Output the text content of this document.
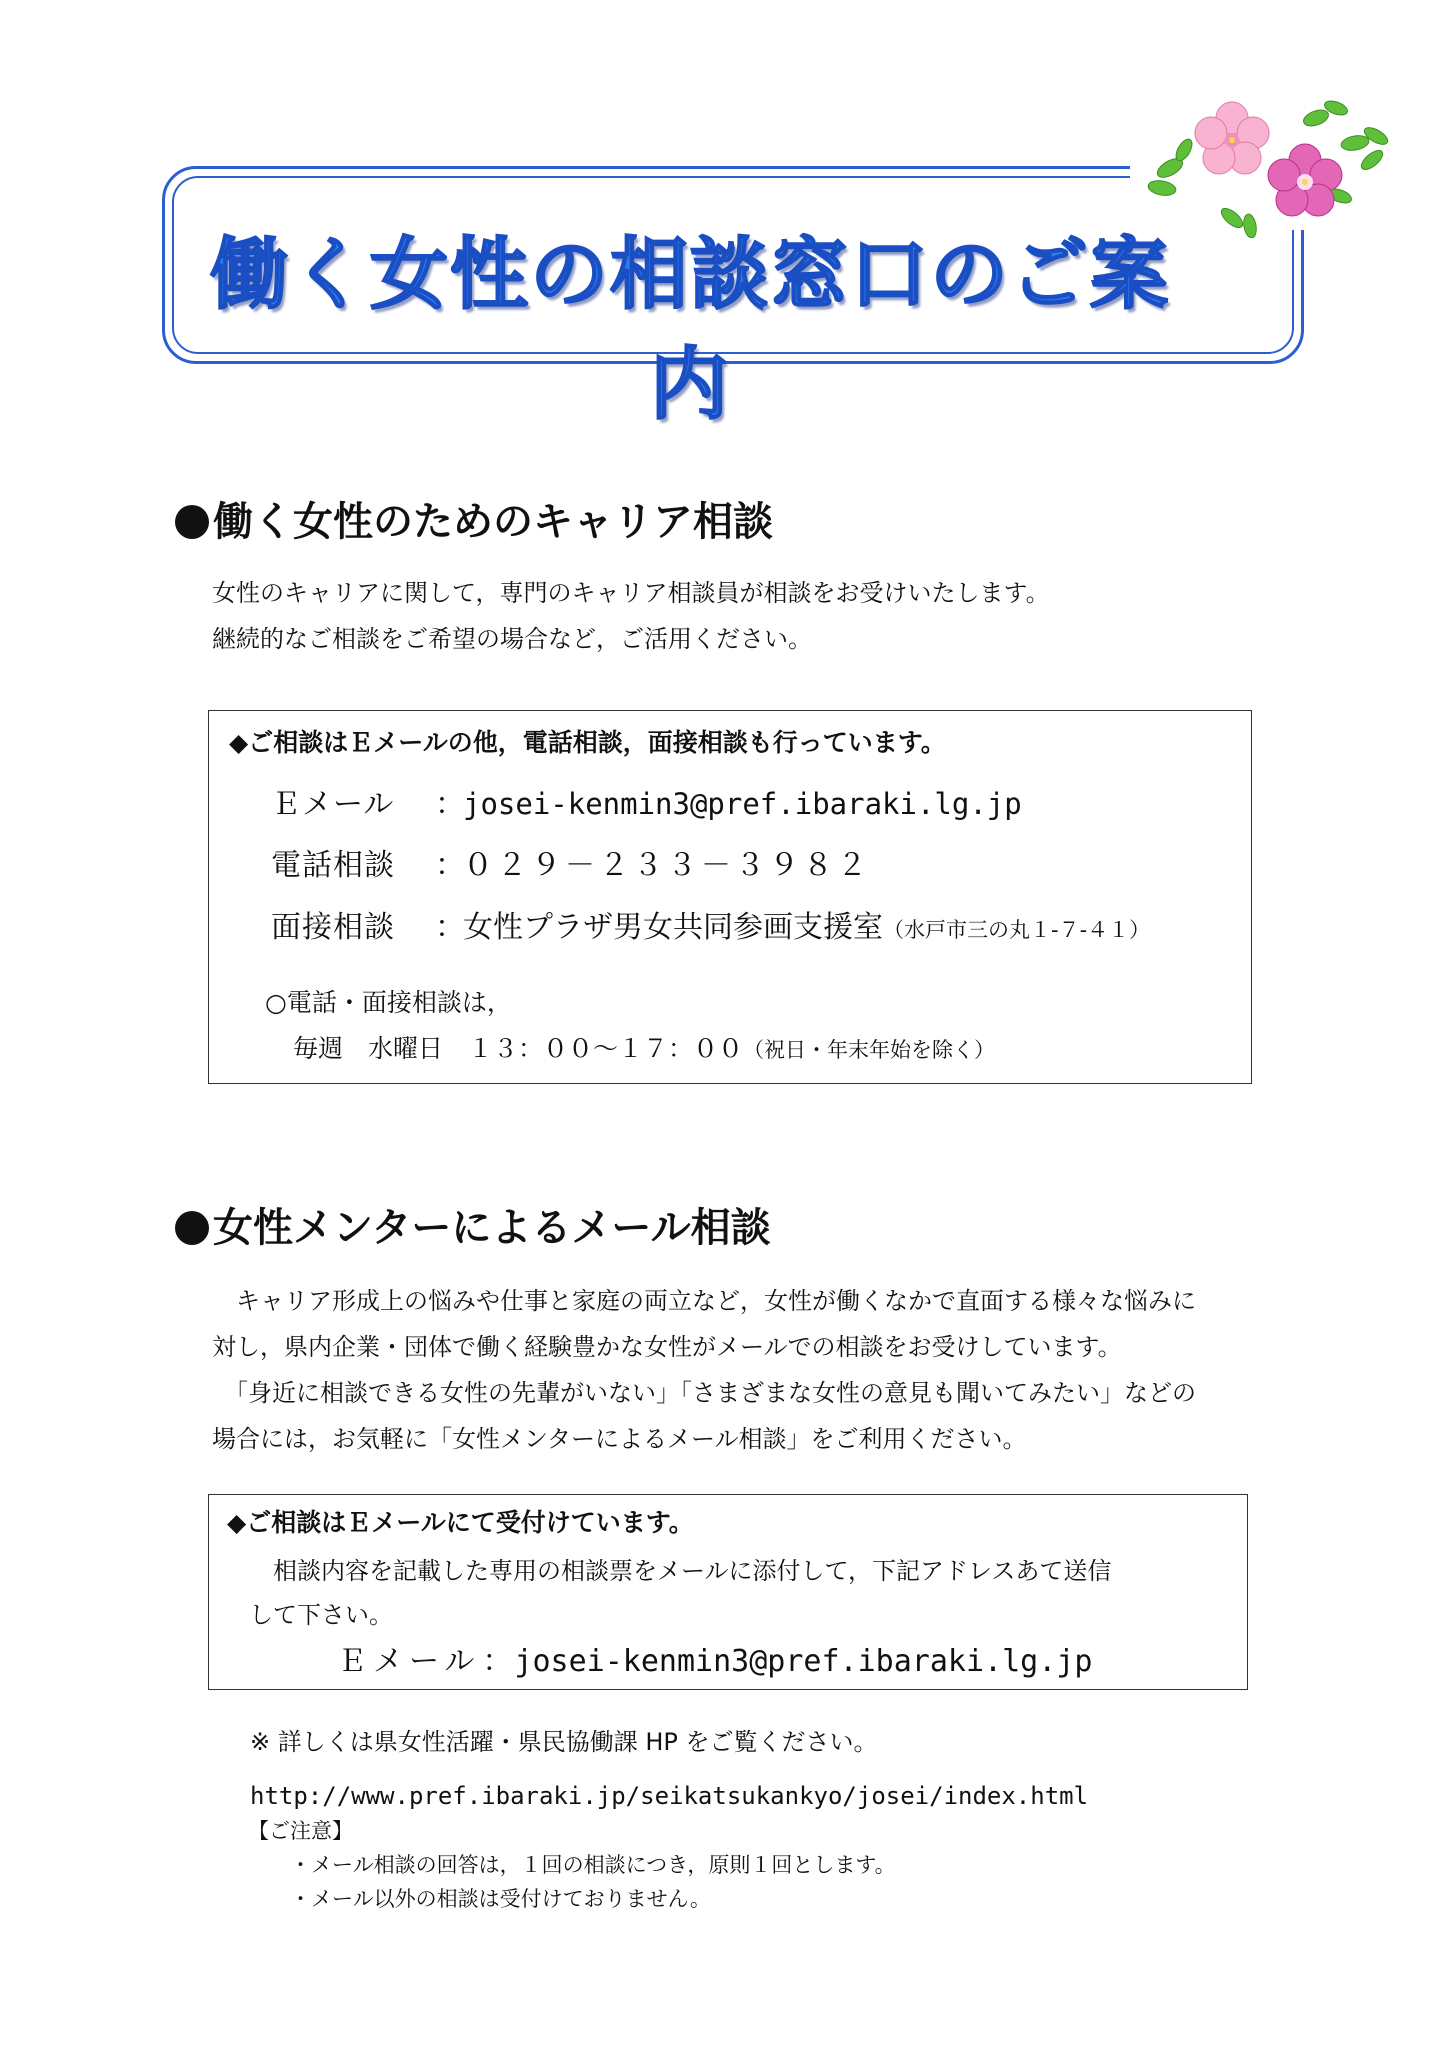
働く女性の相談窓口のご案内
働く女性のためのキャリア相談
女性のキャリアに関して，専門のキャリア相談員が相談をお受けいたします。
継続的なご相談をご希望の場合など，ご活用ください。
◆ご相談はＥメールの他，電話相談，面接相談も行っています。
Ｅメール ：josei-kenmin3@pref.ibaraki.lg.jp
電話相談 ：０２９－２３３－３９８２
面接相談 ：女性プラザ男女共同参画支援室（水戸市三の丸１-７-４１）
○電話・面接相談は，
毎週　水曜日　１３：００～１７：００（祝日・年末年始を除く）
女性メンターによるメール相談
　キャリア形成上の悩みや仕事と家庭の両立など，女性が働くなかで直面する様々な悩みに
対し，県内企業・団体で働く経験豊かな女性がメールでの相談をお受けしています。
　「身近に相談できる女性の先輩がいない」「さまざまな女性の意見も聞いてみたい」などの
場合には，お気軽に「女性メンターによるメール相談」をご利用ください。
◆ご相談はＥメールにて受付けています。
相談内容を記載した専用の相談票をメールに添付して，下記アドレスあて送信
して下さい。
Ｅメール：josei-kenmin3@pref.ibaraki.lg.jp
※ 詳しくは県女性活躍・県民協働課 HP をご覧ください。
http://www.pref.ibaraki.jp/seikatsukankyo/josei/index.html
【ご注意】
・メール相談の回答は，１回の相談につき，原則１回とします。
・メール以外の相談は受付けておりません。
